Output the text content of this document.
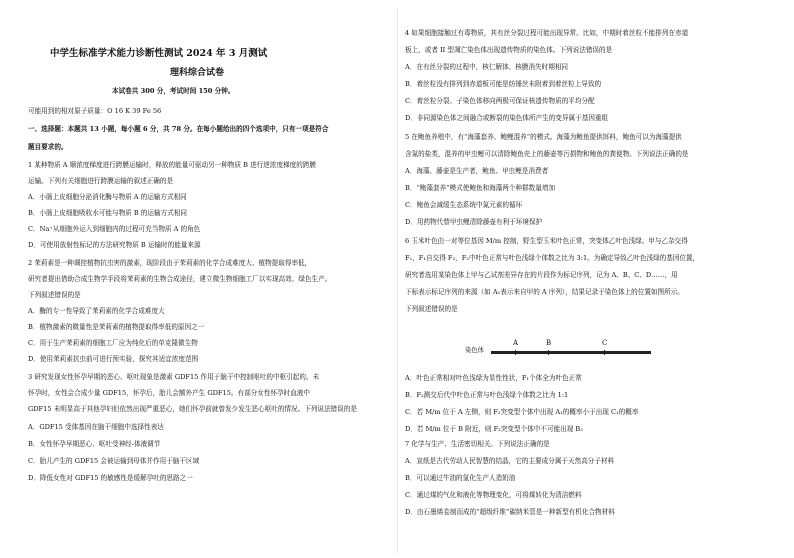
中学生标准学术能力诊断性测试 2024 年 3 月测试
理科综合试卷
本试卷共 300 分，考试时间 150 分钟。
可能用到的相对原子质量：O 16 K 39 Fe 56
一、选择题：本题共 13 小题，每小题 6 分，共 78 分。在每小题给出的四个选项中，只有一项是符合
题目要求的。
1 某种物质 A 顺浓度梯度进行跨膜运输时，释放的能量可驱动另一种物质 B 进行逆浓度梯度的跨膜
运输。下列有关细胞进行跨膜运输的叙述正确的是
A．小肠上皮细胞分泌消化酶与物质 A 的运输方式相同
B．小肠上皮细胞吸收水可能与物质 B 的运输方式相同
C．Na⁺从细胞外运入到细胞内的过程可充当物质 A 的角色
D．可使用放射性标记的方法研究物质 B 运输时的能量来源
2 茉莉素是一种调控植物抗虫害的激素，现阶段由于茉莉素的化学合成难度大、植物提取得率低，
研究者提出借助合成生物学手段将茉莉素的生物合成途径，建立微生物细胞工厂以实现高效、绿色生产。
下列叙述错误的是
A．酶的专一性导致了茉莉素的化学合成难度大
B．植物激素的微量性是茉莉素的植物提取得率低的原因之一
C．用于生产茉莉素的细胞工厂应为纯化后的单克隆微生物
D．使用茉莉素抗虫前可进行预实验，探究其适宜浓度范围
3 研究发现女性怀孕早期的恶心、呕吐现象是激素 GDF15 作用于脑干中控制呕吐的中枢引起的。未
怀孕时，女性会合成少量 GDF15，怀孕后，胎儿会额外产生 GDF15。有部分女性怀孕时血液中
GDF15 未明显高于其他孕妇但依然出现严重恶心，她们怀孕前就曾发少发生恶心呕吐的情况。下列说法错误的是
A．GDF15 受体基因在脑干细胞中选择性表达
B．女性怀孕早期恶心、呕吐受神经-体液调节
C．胎儿产生的 GDF15 会被运输到母体并作用于脑干区域
D．降低女性对 GDF15 的敏感性是缓解孕吐的思路之一
4 如果细胞接触过有毒物质，其有丝分裂过程可能出现异常。比如，中期时着丝粒不能排列在赤道
板上，或者 II 型凋亡染色体出现遗传物质的染色体。下列说法错误的是
A．在有丝分裂的过程中，核仁解体、核膜消失时期相同
B．着丝粒没有排列到赤道板可能是纺锤丝未附着到着丝粒上导致的
C．着丝粒分裂、子染色体移向两极可保证核遗传物质的平均分配
D．非同源染色体之间融合或断裂的染色体所产生的变异属于基因重组
5 在鲍鱼养殖中，有“海藻套养、鲍鲤混养”的模式。海藻为鲍鱼提供饵料，鲍鱼可以为海藻提供
含氮的盐类，混养的甲虫鲤可以清除鲍鱼壳上的藤壶等污损物和鲍鱼的粪便物。下列说法正确的是
A．海藻、藤壶是生产者，鲍鱼、甲虫鲤是消费者
B．“鲍藻套养”模式使鲍鱼和海藻两个种群数量增加
C．鲍鱼会减缓生态系统中氮元素的循环
D．用药物代替甲虫鲤清除藤壶有利于环境保护
6 玉米叶色由一对等位基因 M/m 控制，野生型玉米叶色正常，突变体乙叶色浅绿。甲与乙杂交得
F₁，F₁自交得 F₂，F₂中叶色正常与叶色浅绿个体数之比为 3:1。为确定导致乙叶色浅绿的基因位置，
研究者选用某染色体上甲与乙试剂差异存在的片段作为标记序列，记为 A、B、C、D……，用
下标表示标记序列的来源（如 A₁表示来自甲的 A 序列），结果记录于染色体上的位置如图所示。
下列叙述错误的是
染色体
A	B	C
A．叶色正常相对叶色浅绿为显性性状，F₁个体全为叶色正常
B．F₂测交后代中叶色正常与叶色浅绿个体数之比为 1:1
C．若 M/m 位于 A 左侧，则 F₂突变型个体中出现 A₁的概率小于出现 C₁的概率
D．若 M/m 位于 B 附近，则 F₂突变型个体中不可能出现 B₂
7 化学与生产、生活密切相关。下列说法正确的是
A．宣纸是古代劳动人民智慧的结晶，它的主要成分属于天然高分子材料
B．可以通过牛油的氢化生产人造奶油
C．通过煤的气化和液化等物理变化，可将煤转化为清洁燃料
D．由石墨烯卷制而成的“超级纤维”碳纳米管是一种新型有机化合物材料
